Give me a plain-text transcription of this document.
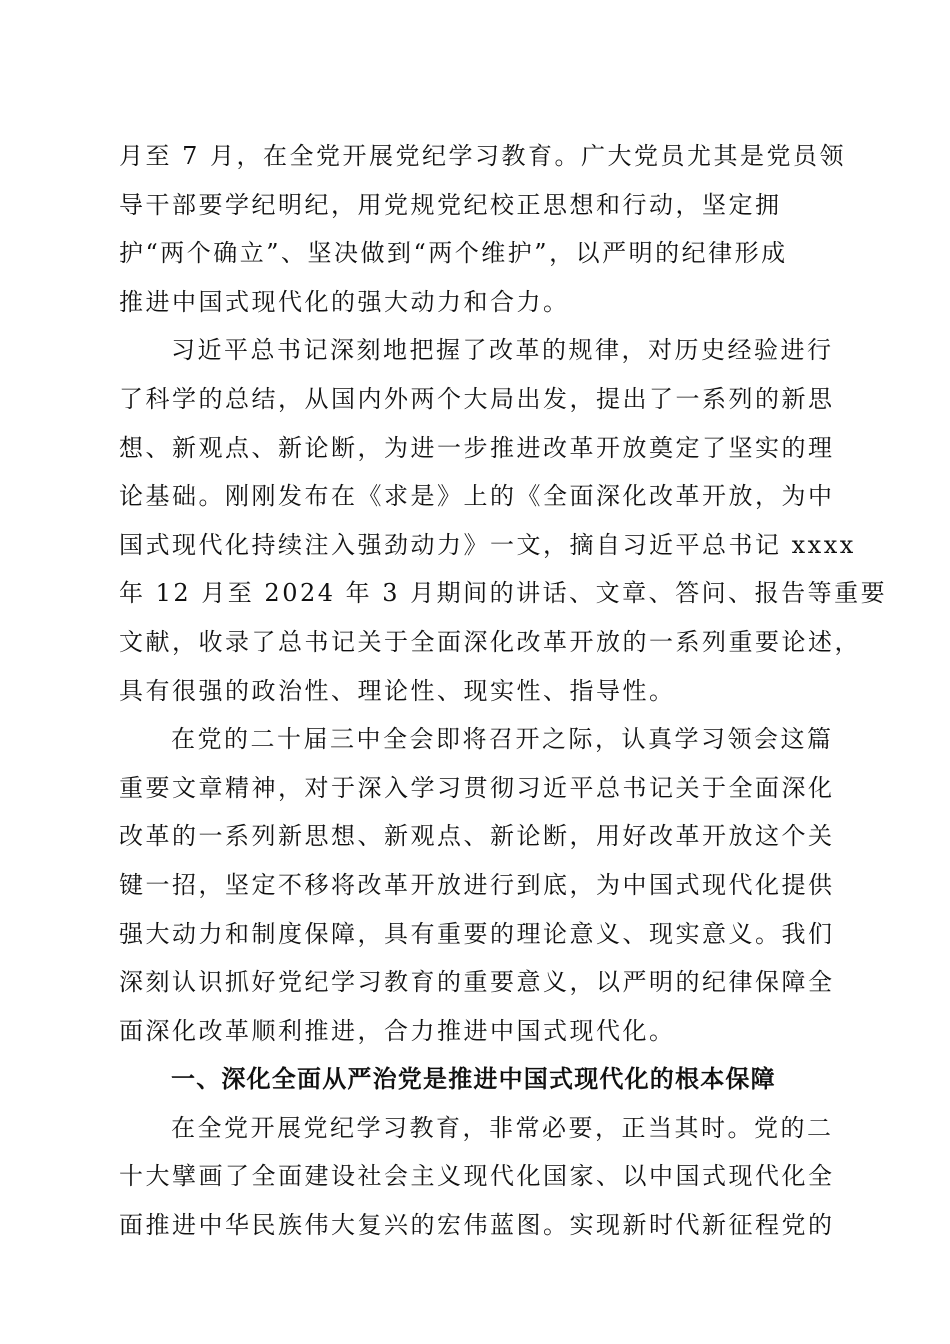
月至 7 月，在全党开展党纪学习教育。广大党员尤其是党员领
导干部要学纪明纪，用党规党纪校正思想和行动，坚定拥
护“两个确立”、坚决做到“两个维护”，以严明的纪律形成
推进中国式现代化的强大动力和合力。
习近平总书记深刻地把握了改革的规律，对历史经验进行
了科学的总结，从国内外两个大局出发，提出了一系列的新思
想、新观点、新论断，为进一步推进改革开放奠定了坚实的理
论基础。刚刚发布在《求是》上的《全面深化改革开放，为中
国式现代化持续注入强劲动力》一文，摘自习近平总书记 xxxx
年 12 月至 2024 年 3 月期间的讲话、文章、答问、报告等重要
文献，收录了总书记关于全面深化改革开放的一系列重要论述，
具有很强的政治性、理论性、现实性、指导性。
在党的二十届三中全会即将召开之际，认真学习领会这篇
重要文章精神，对于深入学习贯彻习近平总书记关于全面深化
改革的一系列新思想、新观点、新论断，用好改革开放这个关
键一招，坚定不移将改革开放进行到底，为中国式现代化提供
强大动力和制度保障，具有重要的理论意义、现实意义。我们
深刻认识抓好党纪学习教育的重要意义，以严明的纪律保障全
面深化改革顺利推进，合力推进中国式现代化。
一、深化全面从严治党是推进中国式现代化的根本保障
在全党开展党纪学习教育，非常必要，正当其时。党的二
十大擘画了全面建设社会主义现代化国家、以中国式现代化全
面推进中华民族伟大复兴的宏伟蓝图。实现新时代新征程党的
